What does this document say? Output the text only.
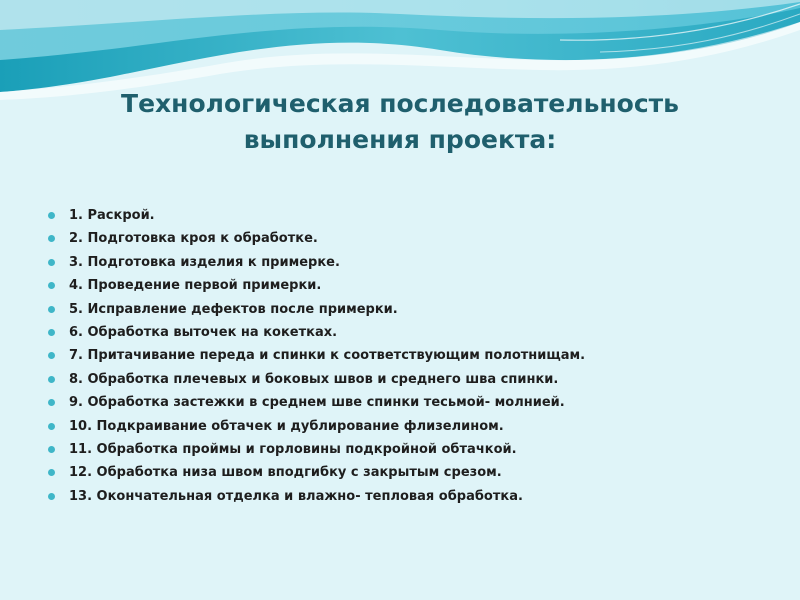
Технологическая последовательность
выполнения проекта:
1. Раскрой.
2. Подготовка кроя к обработке.
3. Подготовка изделия к примерке.
4. Проведение первой примерки.
5. Исправление дефектов после примерки.
6. Обработка выточек на кокетках.
7. Притачивание переда и спинки к соответствующим полотнищам.
8. Обработка плечевых и боковых швов и среднего шва спинки.
9. Обработка застежки в среднем шве спинки тесьмой- молнией.
10. Подкраивание обтачек и дублирование флизелином.
11. Обработка проймы и горловины подкройной обтачкой.
12. Обработка низа швом вподгибку с закрытым срезом.
13. Окончательная отделка и влажно- тепловая обработка.
